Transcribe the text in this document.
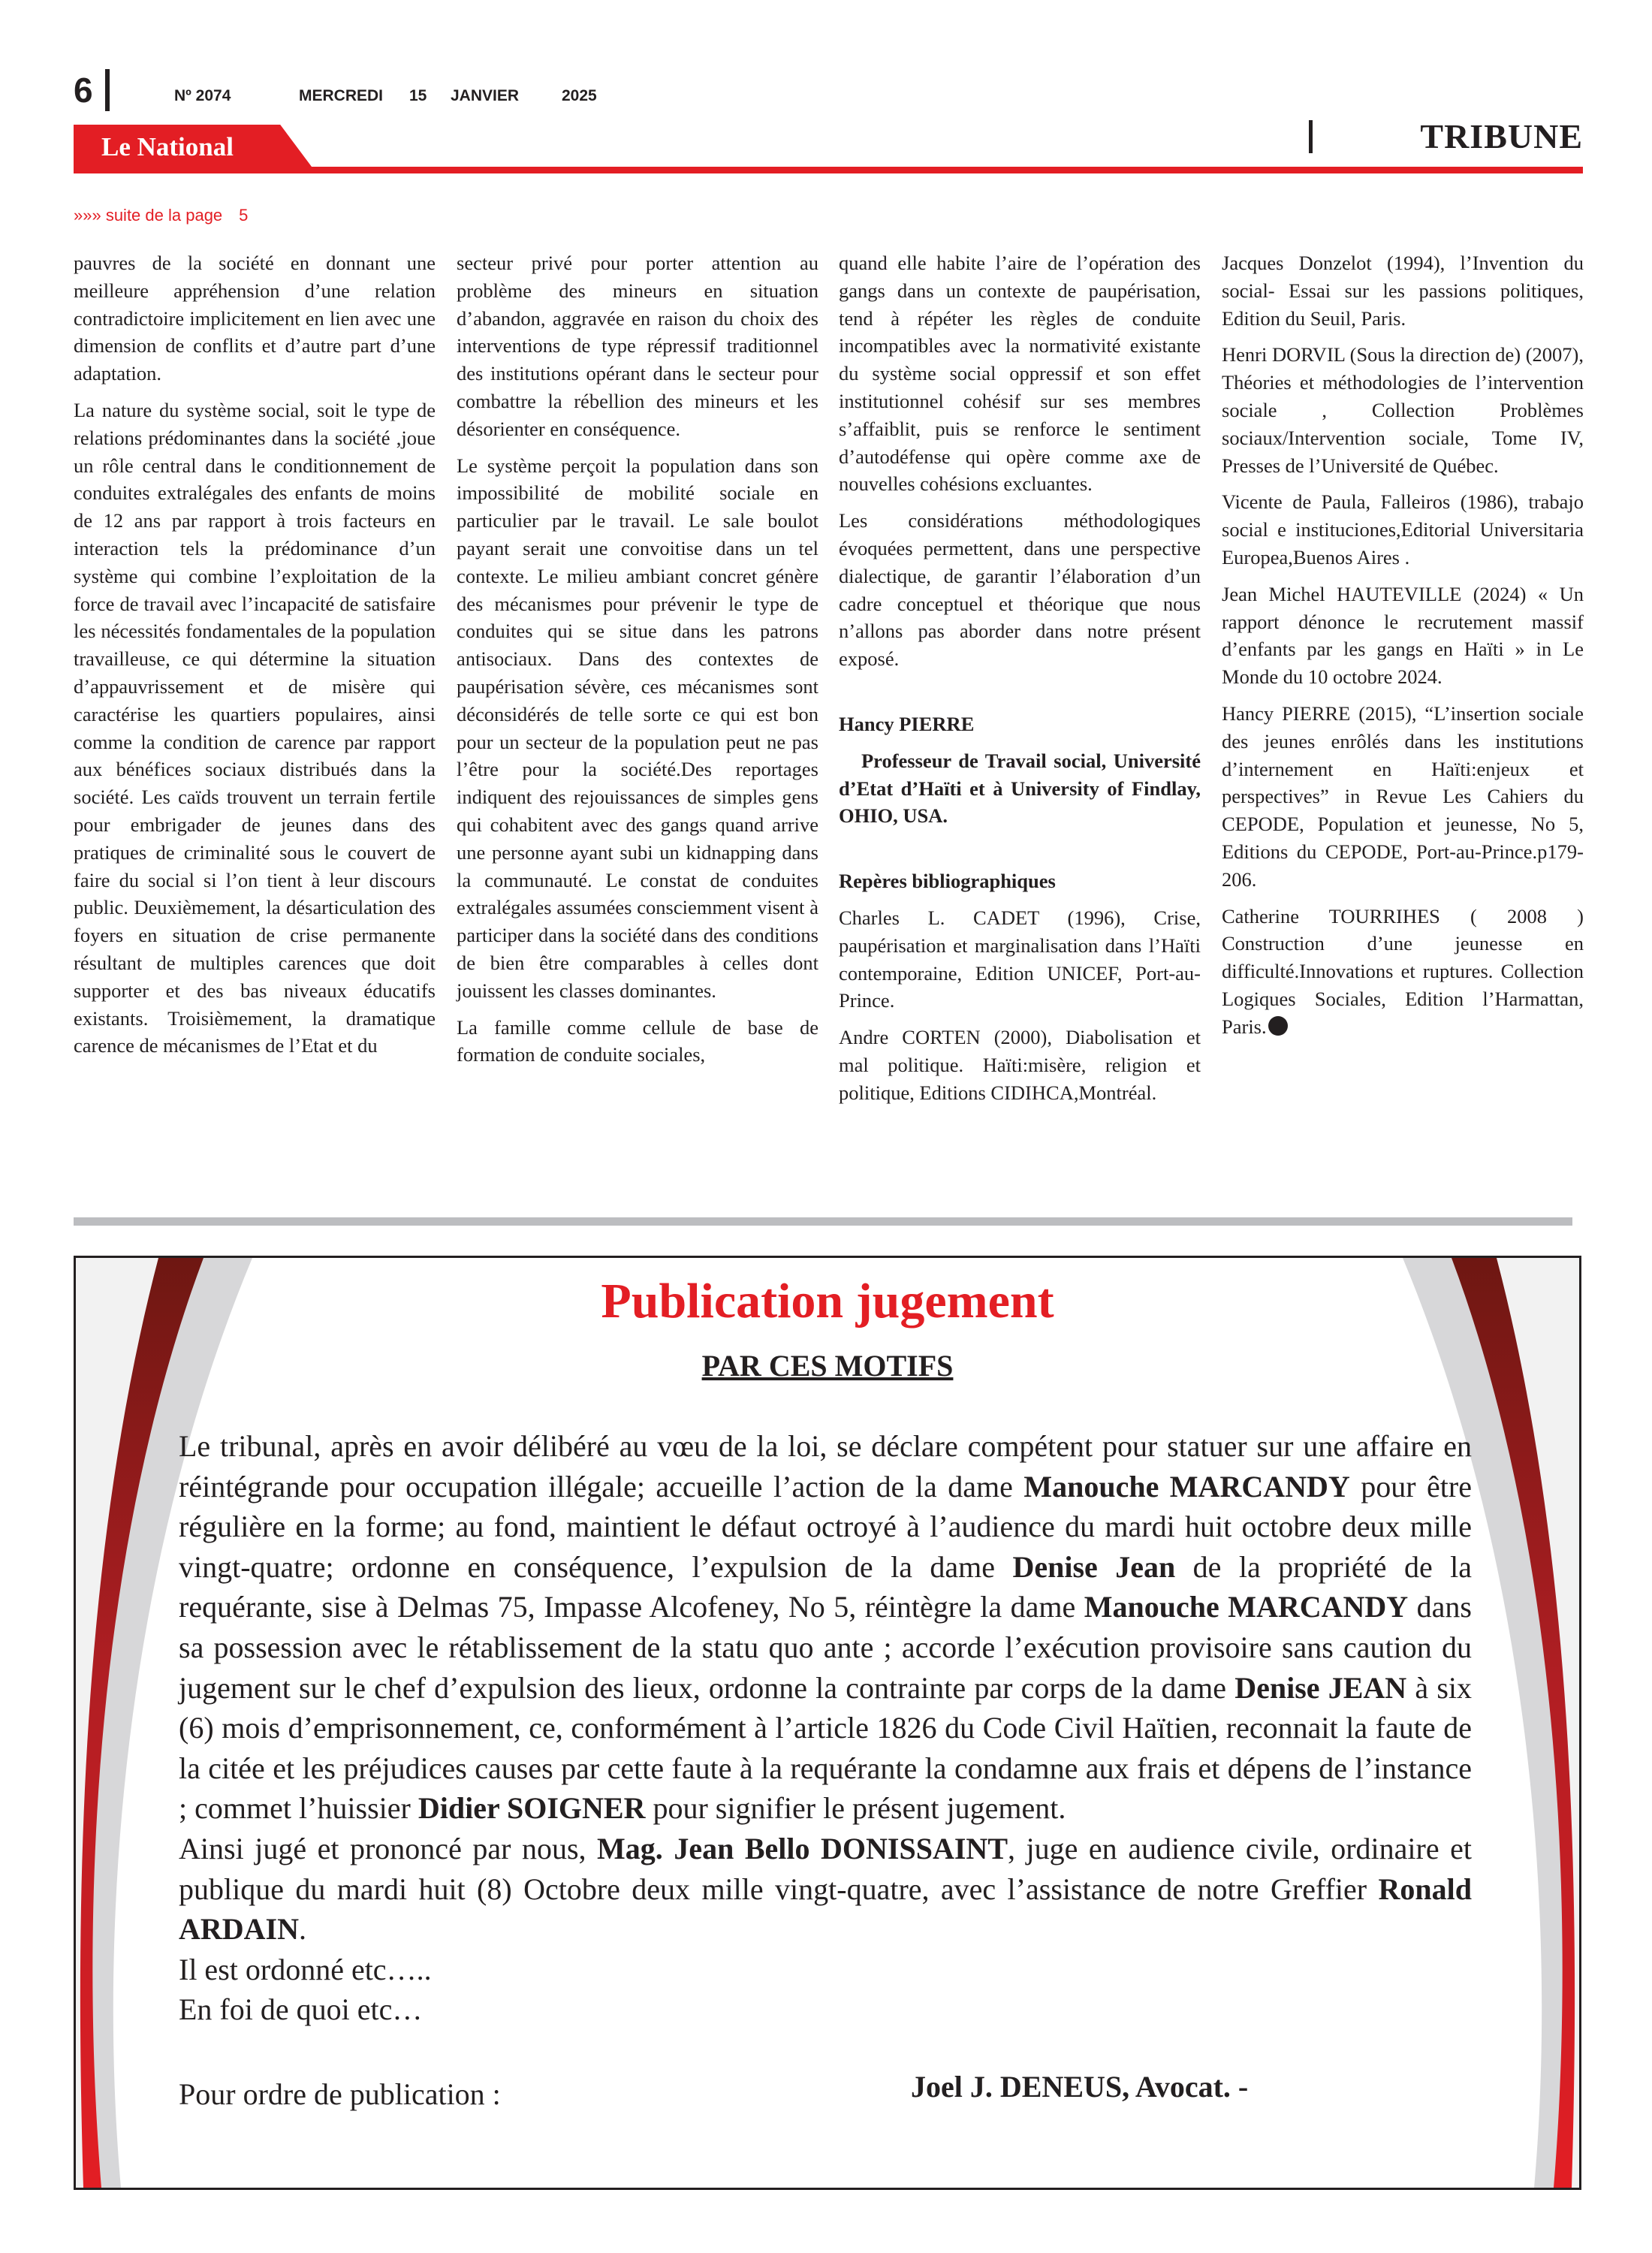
6	Nº 2074	MERCREDI 15 JANVIER	2025
Le National	TRIBUNE
»»» suite de la page 5

pauvres de la société en donnant une meilleure appréhension d’une relation contradictoire implicitement en lien avec une dimension de conflits et d’autre part d’une adaptation.

La nature du système social, soit le type de relations prédominantes dans la société ,joue un rôle central dans le conditionnement de conduites extralégales des enfants de moins de 12 ans par rapport à trois facteurs en interaction tels la prédominance d’un système qui combine l’exploitation de la force de travail avec l’incapacité de satisfaire les nécessités fondamentales de la population travailleuse, ce qui détermine la situation d’appauvrissement et de misère qui caractérise les quartiers populaires, ainsi comme la condition de carence par rapport aux bénéfices sociaux distribués dans la société. Les caïds trouvent un terrain fertile pour embrigader de jeunes dans des pratiques de criminalité sous le couvert de faire du social si l’on tient à leur discours public. Deuxièmement, la désarticulation des foyers en situation de crise permanente résultant de multiples carences que doit supporter et des bas niveaux éducatifs existants. Troisièmement, la dramatique carence de mécanismes de l’Etat et du

secteur privé pour porter attention au problème des mineurs en situation d’abandon, aggravée en raison du choix des interventions de type répressif traditionnel des institutions opérant dans le secteur pour combattre la rébellion des mineurs et les désorienter en conséquence.

Le système perçoit la population dans son impossibilité de mobilité sociale en particulier par le travail. Le sale boulot payant serait une convoitise dans un tel contexte. Le milieu ambiant concret génère des mécanismes pour prévenir le type de conduites qui se situe dans les patrons antisociaux. Dans des contextes de paupérisation sévère, ces mécanismes sont déconsidérés de telle sorte ce qui est bon pour un secteur de la population peut ne pas l’être pour la société.Des reportages indiquent des rejouissances de simples gens qui cohabitent avec des gangs quand arrive une personne ayant subi un kidnapping dans la communauté. Le constat de conduites extralégales assumées consciemment visent à participer dans la société dans des conditions de bien être comparables à celles dont jouissent les classes dominantes.

La famille comme cellule de base de formation de conduite sociales,

quand elle habite l’aire de l’opération des gangs dans un contexte de paupérisation, tend à répéter les règles de conduite incompatibles avec la normativité existante du système social oppressif et son effet institutionnel cohésif sur ses membres s’affaiblit, puis se renforce le sentiment d’autodéfense qui opère comme axe de nouvelles cohésions excluantes.

Les considérations méthodologiques évoquées permettent, dans une perspective dialectique, de garantir l’élaboration d’un cadre conceptuel et théorique que nous n’allons pas aborder dans notre présent exposé.

Hancy PIERRE

Professeur de Travail social, Université d’Etat d’Haïti et à University of Findlay, OHIO, USA.

Repères bibliographiques

Charles L. CADET (1996), Crise, paupérisation et marginalisation dans l’Haïti contemporaine, Edition UNICEF, Port-au-Prince.

Andre CORTEN (2000), Diabolisation et mal politique. Haïti:misère, religion et politique, Editions CIDIHCA,Montréal.

Jacques Donzelot (1994), l’Invention du social- Essai sur les passions politiques, Edition du Seuil, Paris.

Henri DORVIL (Sous la direction de) (2007), Théories et méthodologies de l’intervention sociale , Collection Problèmes sociaux/Intervention sociale, Tome IV, Presses de l’Université de Québec.

Vicente de Paula, Falleiros (1986), trabajo social e instituciones,Editorial Universitaria Europea,Buenos Aires .

Jean Michel HAUTEVILLE (2024) « Un rapport dénonce le recrutement massif d’enfants par les gangs en Haïti » in Le Monde du 10 octobre 2024.

Hancy PIERRE (2015), “L’insertion sociale des jeunes enrôlés dans les institutions d’internement en Haïti:enjeux et perspectives” in Revue Les Cahiers du CEPODE, Population et jeunesse, No 5, Editions du CEPODE, Port-au-Prince.p179-206.

Catherine TOURRIHES ( 2008 ) Construction d’une jeunesse en difficulté.Innovations et ruptures. Collection Logiques Sociales, Edition l’Harmattan, Paris.

Publication jugement
PAR CES MOTIFS

Le tribunal, après en avoir délibéré au vœu de la loi, se déclare compétent pour statuer sur une affaire en réintégrande pour occupation illégale; accueille l’action de la dame Manouche MARCANDY pour être régulière en la forme; au fond, maintient le défaut octroyé à l’audience du mardi huit octobre deux mille vingt-quatre; ordonne en conséquence, l’expulsion de la dame Denise Jean de la propriété de la requérante, sise à Delmas 75, Impasse Alcofeney, No 5, réintègre la dame Manouche MARCANDY dans sa possession avec le rétablissement de la statu quo ante ; accorde l’exécution provisoire sans caution du jugement sur le chef d’expulsion des lieux, ordonne la contrainte par corps de la dame Denise JEAN à six (6) mois d’emprisonnement, ce, conformément à l’article 1826 du Code Civil Haïtien, reconnait la faute de la citée et les préjudices causes par cette faute à la requérante la condamne aux frais et dépens de l’instance ; commet l’huissier Didier SOIGNER pour signifier le présent jugement.

Ainsi jugé et prononcé par nous, Mag. Jean Bello DONISSAINT, juge en audience civile, ordinaire et publique du mardi huit (8) Octobre deux mille vingt-quatre, avec l’assistance de notre Greffier Ronald ARDAIN.

Il est ordonné etc…..

En foi de quoi etc…

Pour ordre de publication :	Joel J. DENEUS, Avocat. -
